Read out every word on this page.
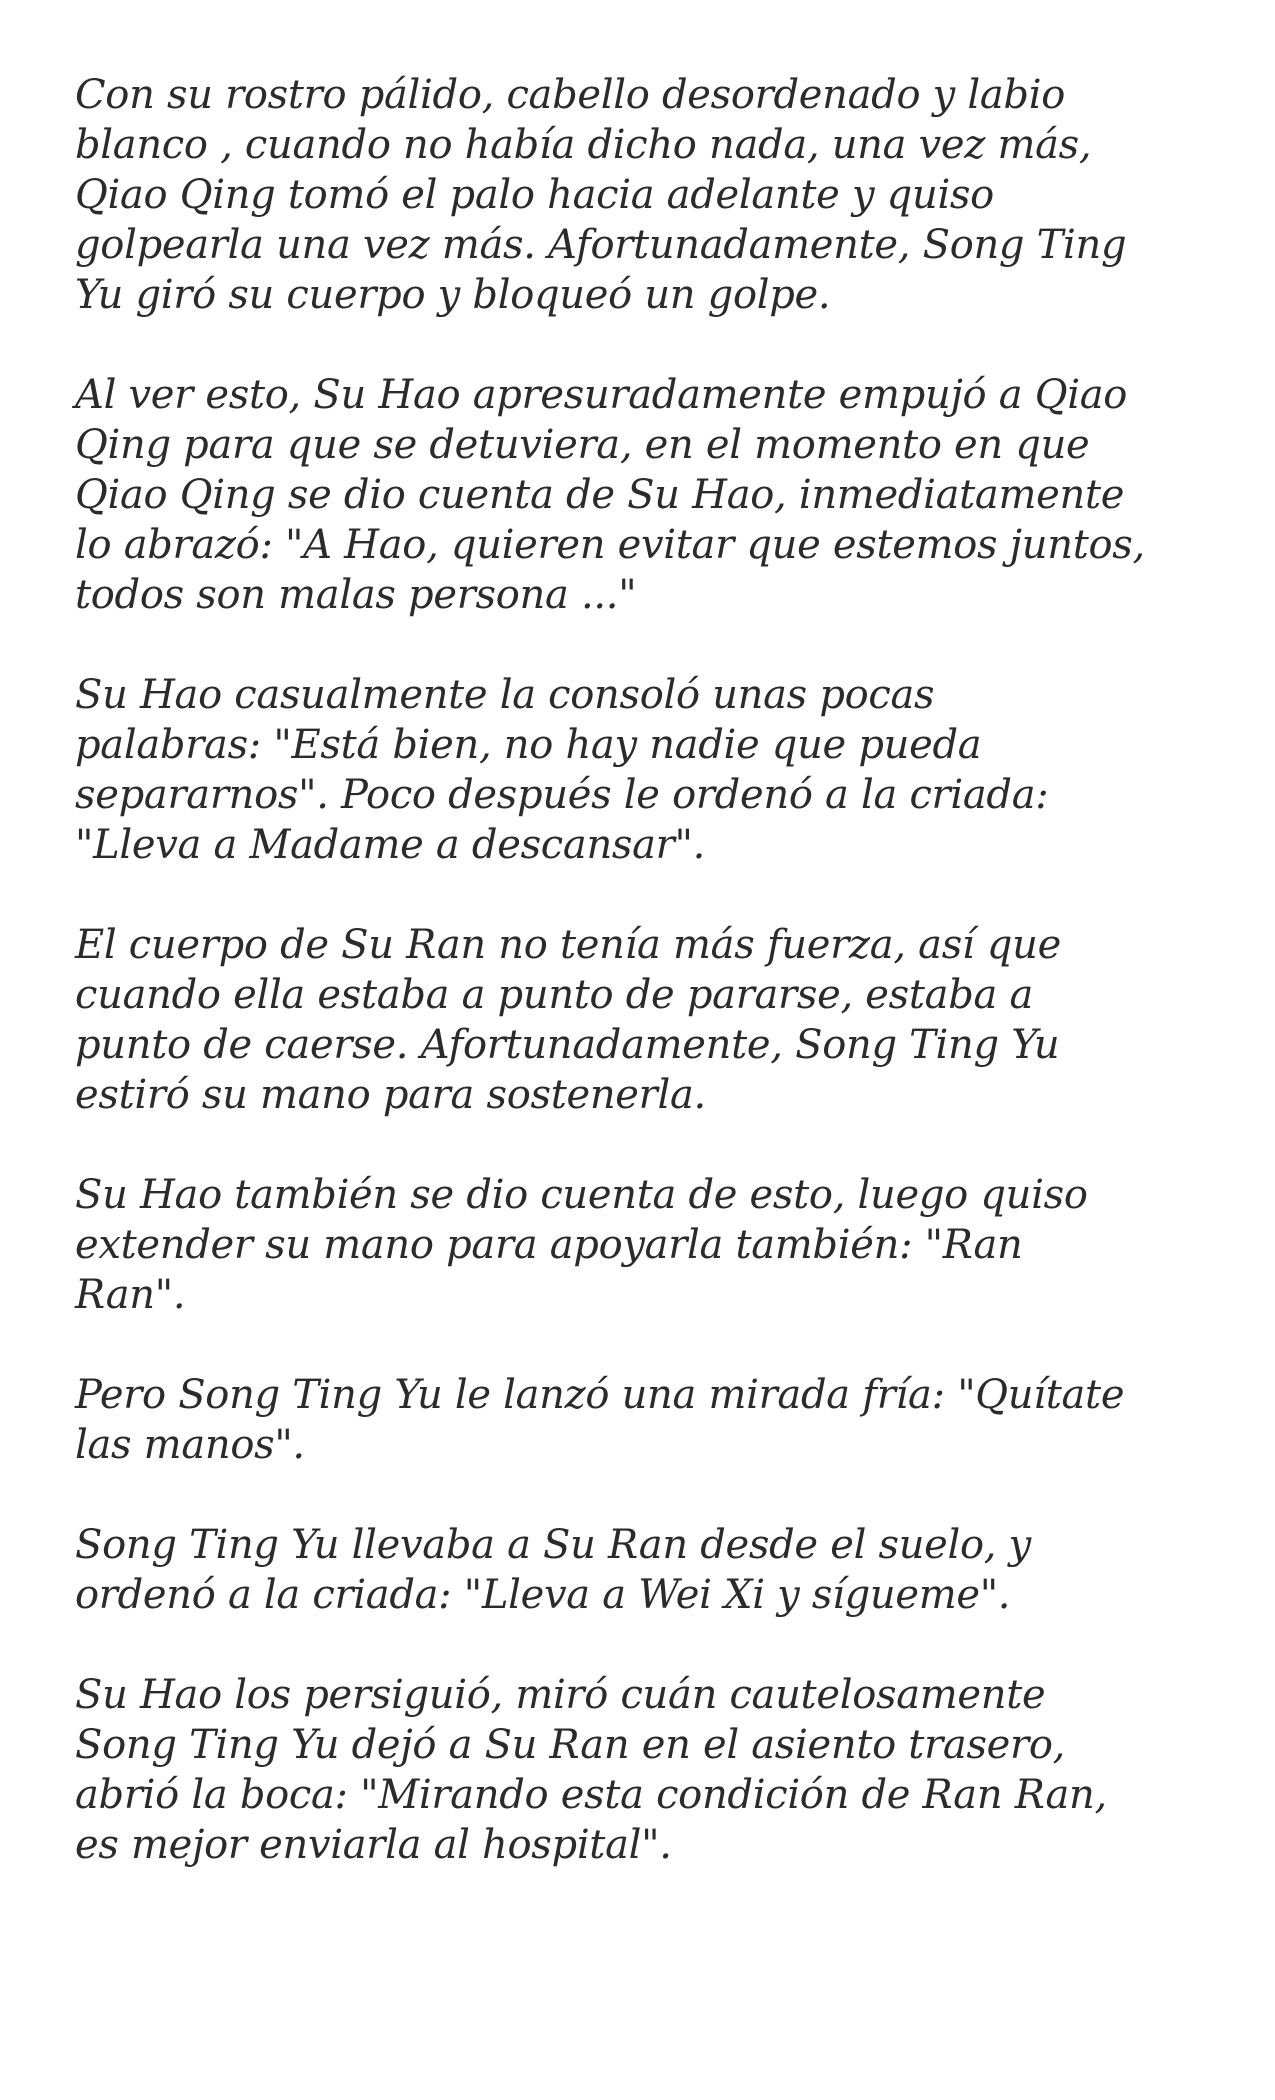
Con su rostro pálido, cabello desordenado y labio
blanco , cuando no había dicho nada, una vez más,
Qiao Qing tomó el palo hacia adelante y quiso
golpearla una vez más. Afortunadamente, Song Ting
Yu giró su cuerpo y bloqueó un golpe.

Al ver esto, Su Hao apresuradamente empujó a Qiao
Qing para que se detuviera, en el momento en que
Qiao Qing se dio cuenta de Su Hao, inmediatamente
lo abrazó: "A Hao, quieren evitar que estemos juntos,
todos son malas persona ..."

Su Hao casualmente la consoló unas pocas
palabras: "Está bien, no hay nadie que pueda
separarnos". Poco después le ordenó a la criada:
"Lleva a Madame a descansar".

El cuerpo de Su Ran no tenía más fuerza, así que
cuando ella estaba a punto de pararse, estaba a
punto de caerse. Afortunadamente, Song Ting Yu
estiró su mano para sostenerla.

Su Hao también se dio cuenta de esto, luego quiso
extender su mano para apoyarla también: "Ran
Ran".

Pero Song Ting Yu le lanzó una mirada fría: "Quítate
las manos".

Song Ting Yu llevaba a Su Ran desde el suelo, y
ordenó a la criada: "Lleva a Wei Xi y sígueme".

Su Hao los persiguió, miró cuán cautelosamente
Song Ting Yu dejó a Su Ran en el asiento trasero,
abrió la boca: "Mirando esta condición de Ran Ran,
es mejor enviarla al hospital".
